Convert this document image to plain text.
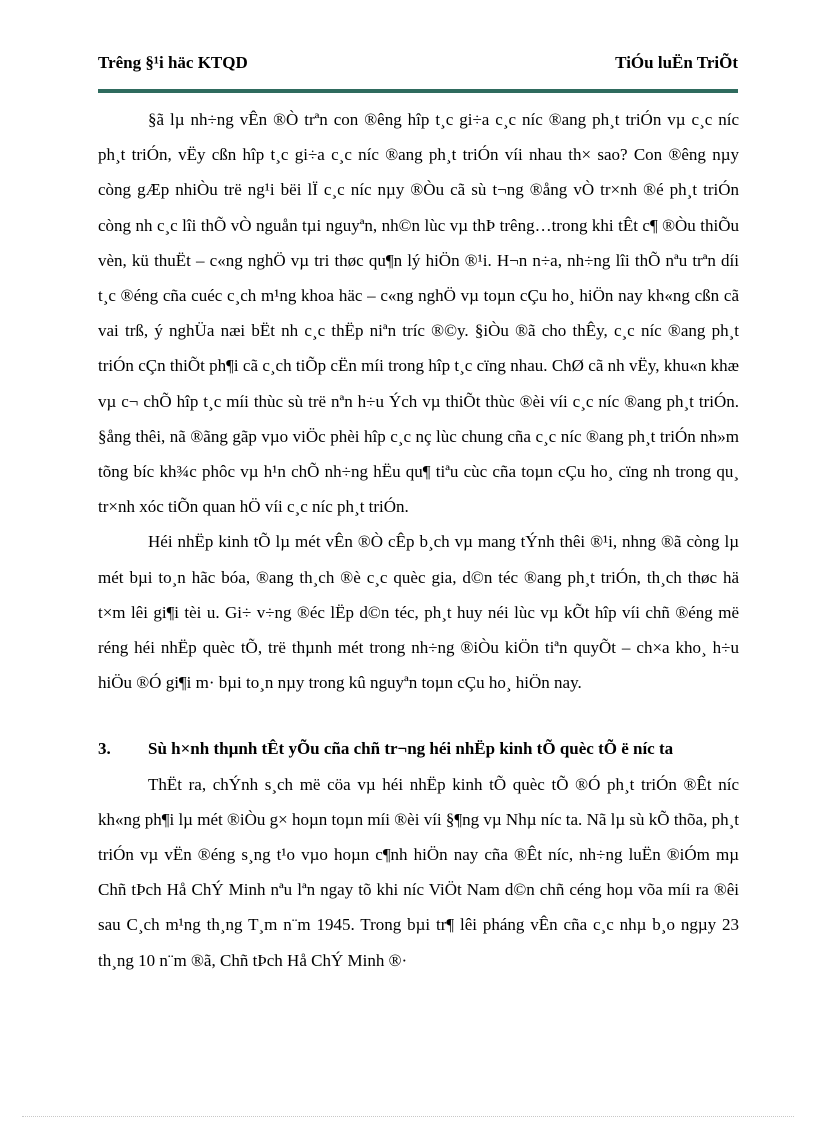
Trêng §¹i häc KTQD	TiÓu luËn TriÕt

§ã lµ nh÷ng vÊn ®Ò trªn con ®êng hîp t¸c gi÷a c¸c níc ®ang ph¸t triÓn vµ c¸c níc ph¸t triÓn, vËy cßn hîp t¸c gi÷a c¸c níc ®ang ph¸t triÓn víi nhau th× sao? Con ®êng nµy còng gÆp nhiÒu trë ng¹i bëi lÏ c¸c níc nµy ®Òu cã sù t¬ng ®ång vÒ tr×nh ®é ph¸t triÓn còng nh c¸c lîi thÕ vÒ nguån tµi nguyªn, nh©n lùc vµ thÞ trêng…trong khi tÊt c¶ ®Òu thiÕu vèn, kü thuËt – c«ng nghÖ vµ tri thøc qu¶n lý hiÖn ®¹i. H¬n n÷a, nh÷ng lîi thÕ nªu trªn díi t¸c ®éng cña cuéc c¸ch m¹ng khoa häc – c«ng nghÖ vµ toµn cÇu ho¸ hiÖn nay kh«ng cßn cã vai trß, ý nghÜa næi bËt nh c¸c thËp niªn tríc ®©y. §iÒu ®ã cho thÊy, c¸c níc ®ang ph¸t triÓn cÇn thiÕt ph¶i cã c¸ch tiÕp cËn míi trong hîp t¸c cïng nhau. ChØ cã nh vËy, khu«n khæ vµ c¬ chÕ hîp t¸c míi thùc sù trë nªn h÷u Ých vµ thiÕt thùc ®èi víi c¸c níc ®ang ph¸t triÓn. §ång thêi, nã ®ãng gãp vµo viÖc phèi hîp c¸c nç lùc chung cña c¸c níc ®ang ph¸t triÓn nh»m tõng bíc kh¾c phôc vµ h¹n chÕ nh÷ng hËu qu¶ tiªu cùc cña toµn cÇu ho¸ cïng nh trong qu¸ tr×nh xóc tiÕn quan hÖ víi c¸c níc ph¸t triÓn.

Héi nhËp kinh tÕ lµ mét vÊn ®Ò cÊp b¸ch vµ mang tÝnh thêi ®¹i, nhng ®ã còng lµ mét bµi to¸n hãc bóa, ®ang th¸ch ®è c¸c quèc gia, d©n téc ®ang ph¸t triÓn, th¸ch thøc hä t×m lêi gi¶i tèi u. Gi÷ v÷ng ®éc lËp d©n téc, ph¸t huy néi lùc vµ kÕt hîp víi chñ ®éng më réng héi nhËp quèc tÕ, trë thµnh mét trong nh÷ng ®iÒu kiÖn tiªn quyÕt – ch×a kho¸ h÷u hiÖu ®Ó gi¶i m· bµi to¸n nµy trong kû nguyªn toµn cÇu ho¸ hiÖn nay.

3.	Sù h×nh thµnh tÊt yÕu cña chñ tr¬ng héi nhËp kinh tÕ quèc tÕ ë níc ta

ThËt ra, chÝnh s¸ch më cöa vµ héi nhËp kinh tÕ quèc tÕ ®Ó ph¸t triÓn ®Êt níc kh«ng ph¶i lµ mét ®iÒu g× hoµn toµn míi ®èi víi §¶ng vµ Nhµ níc ta. Nã lµ sù kÕ thõa, ph¸t triÓn vµ vËn ®éng s¸ng t¹o vµo hoµn c¶nh hiÖn nay cña ®Êt níc, nh÷ng luËn ®iÓm mµ Chñ tÞch Hå ChÝ Minh nªu lªn ngay tõ khi níc ViÖt Nam d©n chñ céng hoµ võa míi ra ®êi sau C¸ch m¹ng th¸ng T¸m n¨m 1945. Trong bµi tr¶ lêi pháng vÊn cña c¸c nhµ b¸o ngµy 23 th¸ng 10 n¨m ®ã, Chñ tÞch Hå ChÝ Minh ®·
